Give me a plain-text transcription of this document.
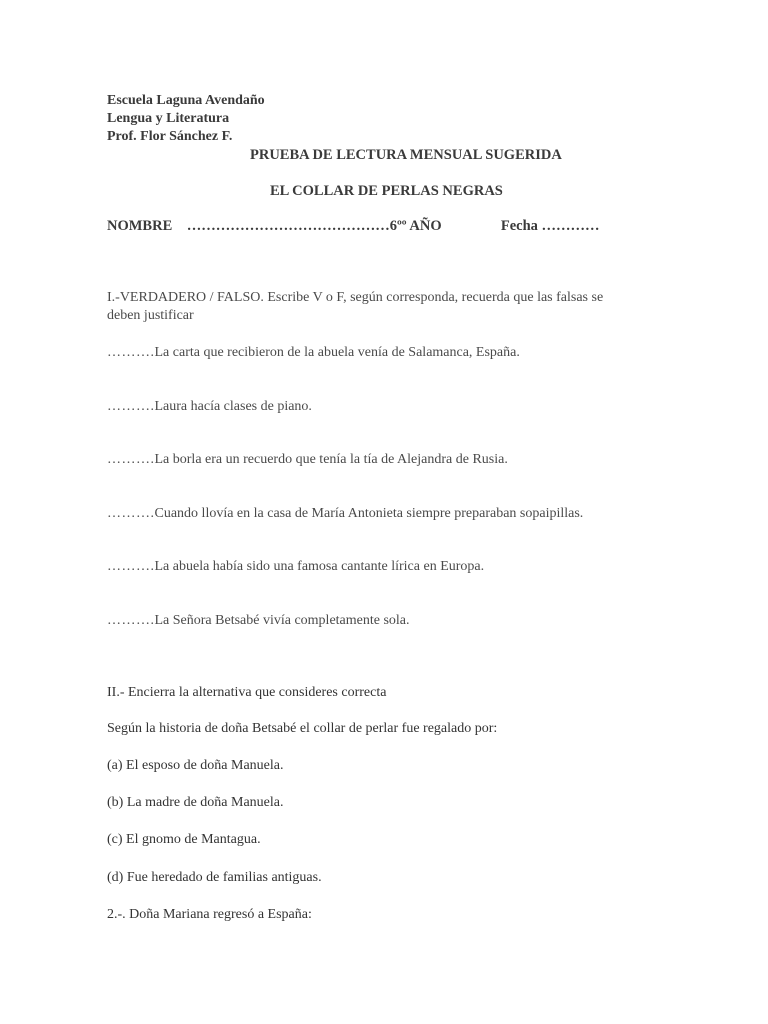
Escuela Laguna Avendaño
Lengua y Literatura
Prof. Flor Sánchez F.
PRUEBA DE LECTURA MENSUAL SUGERIDA
EL COLLAR DE PERLAS NEGRAS
NOMBRE ……………………………………6ºº AÑO	Fecha …………
I.-VERDADERO / FALSO. Escribe V o F, según corresponda, recuerda que las falsas se
deben justificar
……….La carta que recibieron de la abuela venía de Salamanca, España.
……….Laura hacía clases de piano.
……….La borla era un recuerdo que tenía la tía de Alejandra de Rusia.
……….Cuando llovía en la casa de María Antonieta siempre preparaban sopaipillas.
……….La abuela había sido una famosa cantante lírica en Europa.
……….La Señora Betsabé vivía completamente sola.
II.- Encierra la alternativa que consideres correcta
Según la historia de doña Betsabé el collar de perlar fue regalado por:
(a) El esposo de doña Manuela.
(b) La madre de doña Manuela.
(c) El gnomo de Mantagua.
(d) Fue heredado de familias antiguas.
2.-. Doña Mariana regresó a España:
